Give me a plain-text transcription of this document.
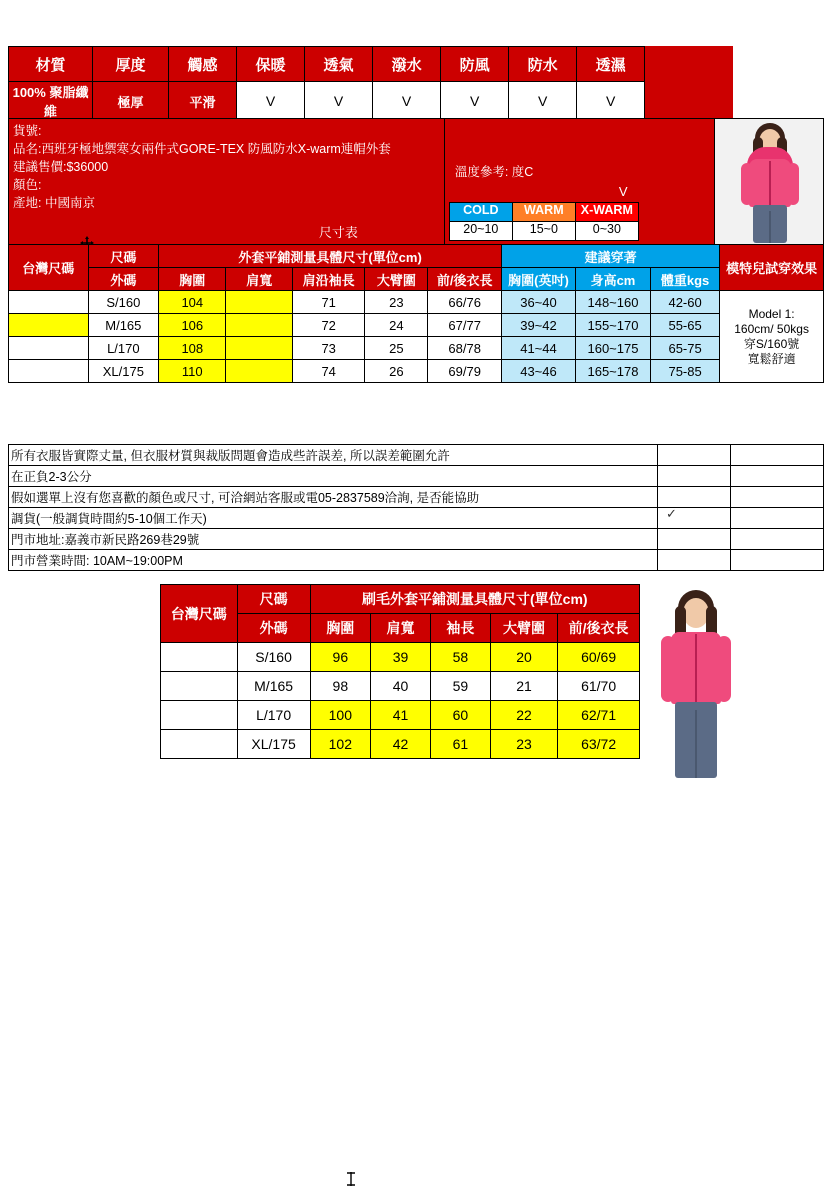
材質	厚度	觸感	保暖	透氣	潑水	防風	防水	透濕		
100% 聚脂纖維	極厚	平滑	V	V	V	V	V	V		
貨號:
品名:西班牙極地禦寒女兩件式GORE-TEX 防風防水X-warm連帽外套
建議售價:$36000
顏色:
產地: 中國南京

溫度參考: 度C
V
尺寸表
COLD	WARM	X-WARM
20~10	15~0	0~30

台灣尺碼	尺碼	外套平鋪測量具體尺寸(單位cm)					建議穿著			模特兒試穿效果
	外碼	胸圍	肩寬	肩沿袖長	大臂圍	前/後衣長	胸圍(英吋)	身高cm	體重kgs	
	S/160	104		71	23	66/76	36~40	148~160	42-60	Model 1:
160cm/ 50kgs
穿S/160號
寬鬆舒適

	M/165	106		72	24	67/77	39~42	155~170	55-65	
	L/170	108		73	25	68/78	41~44	160~175	65-75	
	XL/175	110		74	26	69/79	43~46	165~178	75-85	
所有衣服皆實際丈量, 但衣服材質與裁版問題會造成些許誤差, 所以誤差範圍允許		
在正負2-3公分		
假如選單上沒有您喜歡的顏色或尺寸, 可洽網站客服或電05-2837589洽詢, 是否能協助		
調貨(一般調貨時間約5-10個工作天)		
門市地址:嘉義市新民路269巷29號		
門市營業時間: 10AM~19:00PM		
✓
台灣尺碼	尺碼	刷毛外套平鋪測量具體尺寸(單位cm)				
	外碼	胸圍	肩寬	袖長	大臂圍	前/後衣長
	S/160	96	39	58	20	60/69
	M/165	98	40	59	21	61/70
	L/170	100	41	60	22	62/71
	XL/175	102	42	61	23	63/72
